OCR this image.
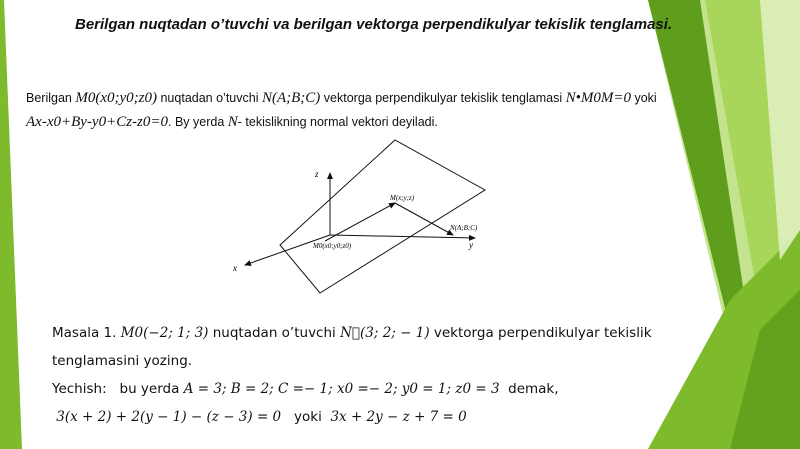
Berilgan nuqtadan o’tuvchi va berilgan vektorga perpendikulyar tekislik tenglamasi.
Berilgan M0(x0;y0;z0) nuqtadan o’tuvchi N(A;B;C) vektorga perpendikulyar tekislik tenglamasi N•M0M=0 yoki
Ax-x0+By-y0+Cz-z0=0. By yerda N- tekislikning normal vektori deyiladi.
z
x
y
M(x;y;z)
M0(x0;y0;z0)
N(A;B;C)
Masala 1. M0(−2; 1; 3) nuqtadan o’tuvchi N⃗(3; 2; − 1) vektorga perpendikulyar tekislik
tenglamasini yozing.
Yechish: bu yerda A = 3; B = 2; C =− 1; x0 =− 2; y0 = 1; z0 = 3 demak,
3(x + 2) + 2(y − 1) − (z − 3) = 0 yoki 3x + 2y − z + 7 = 0
